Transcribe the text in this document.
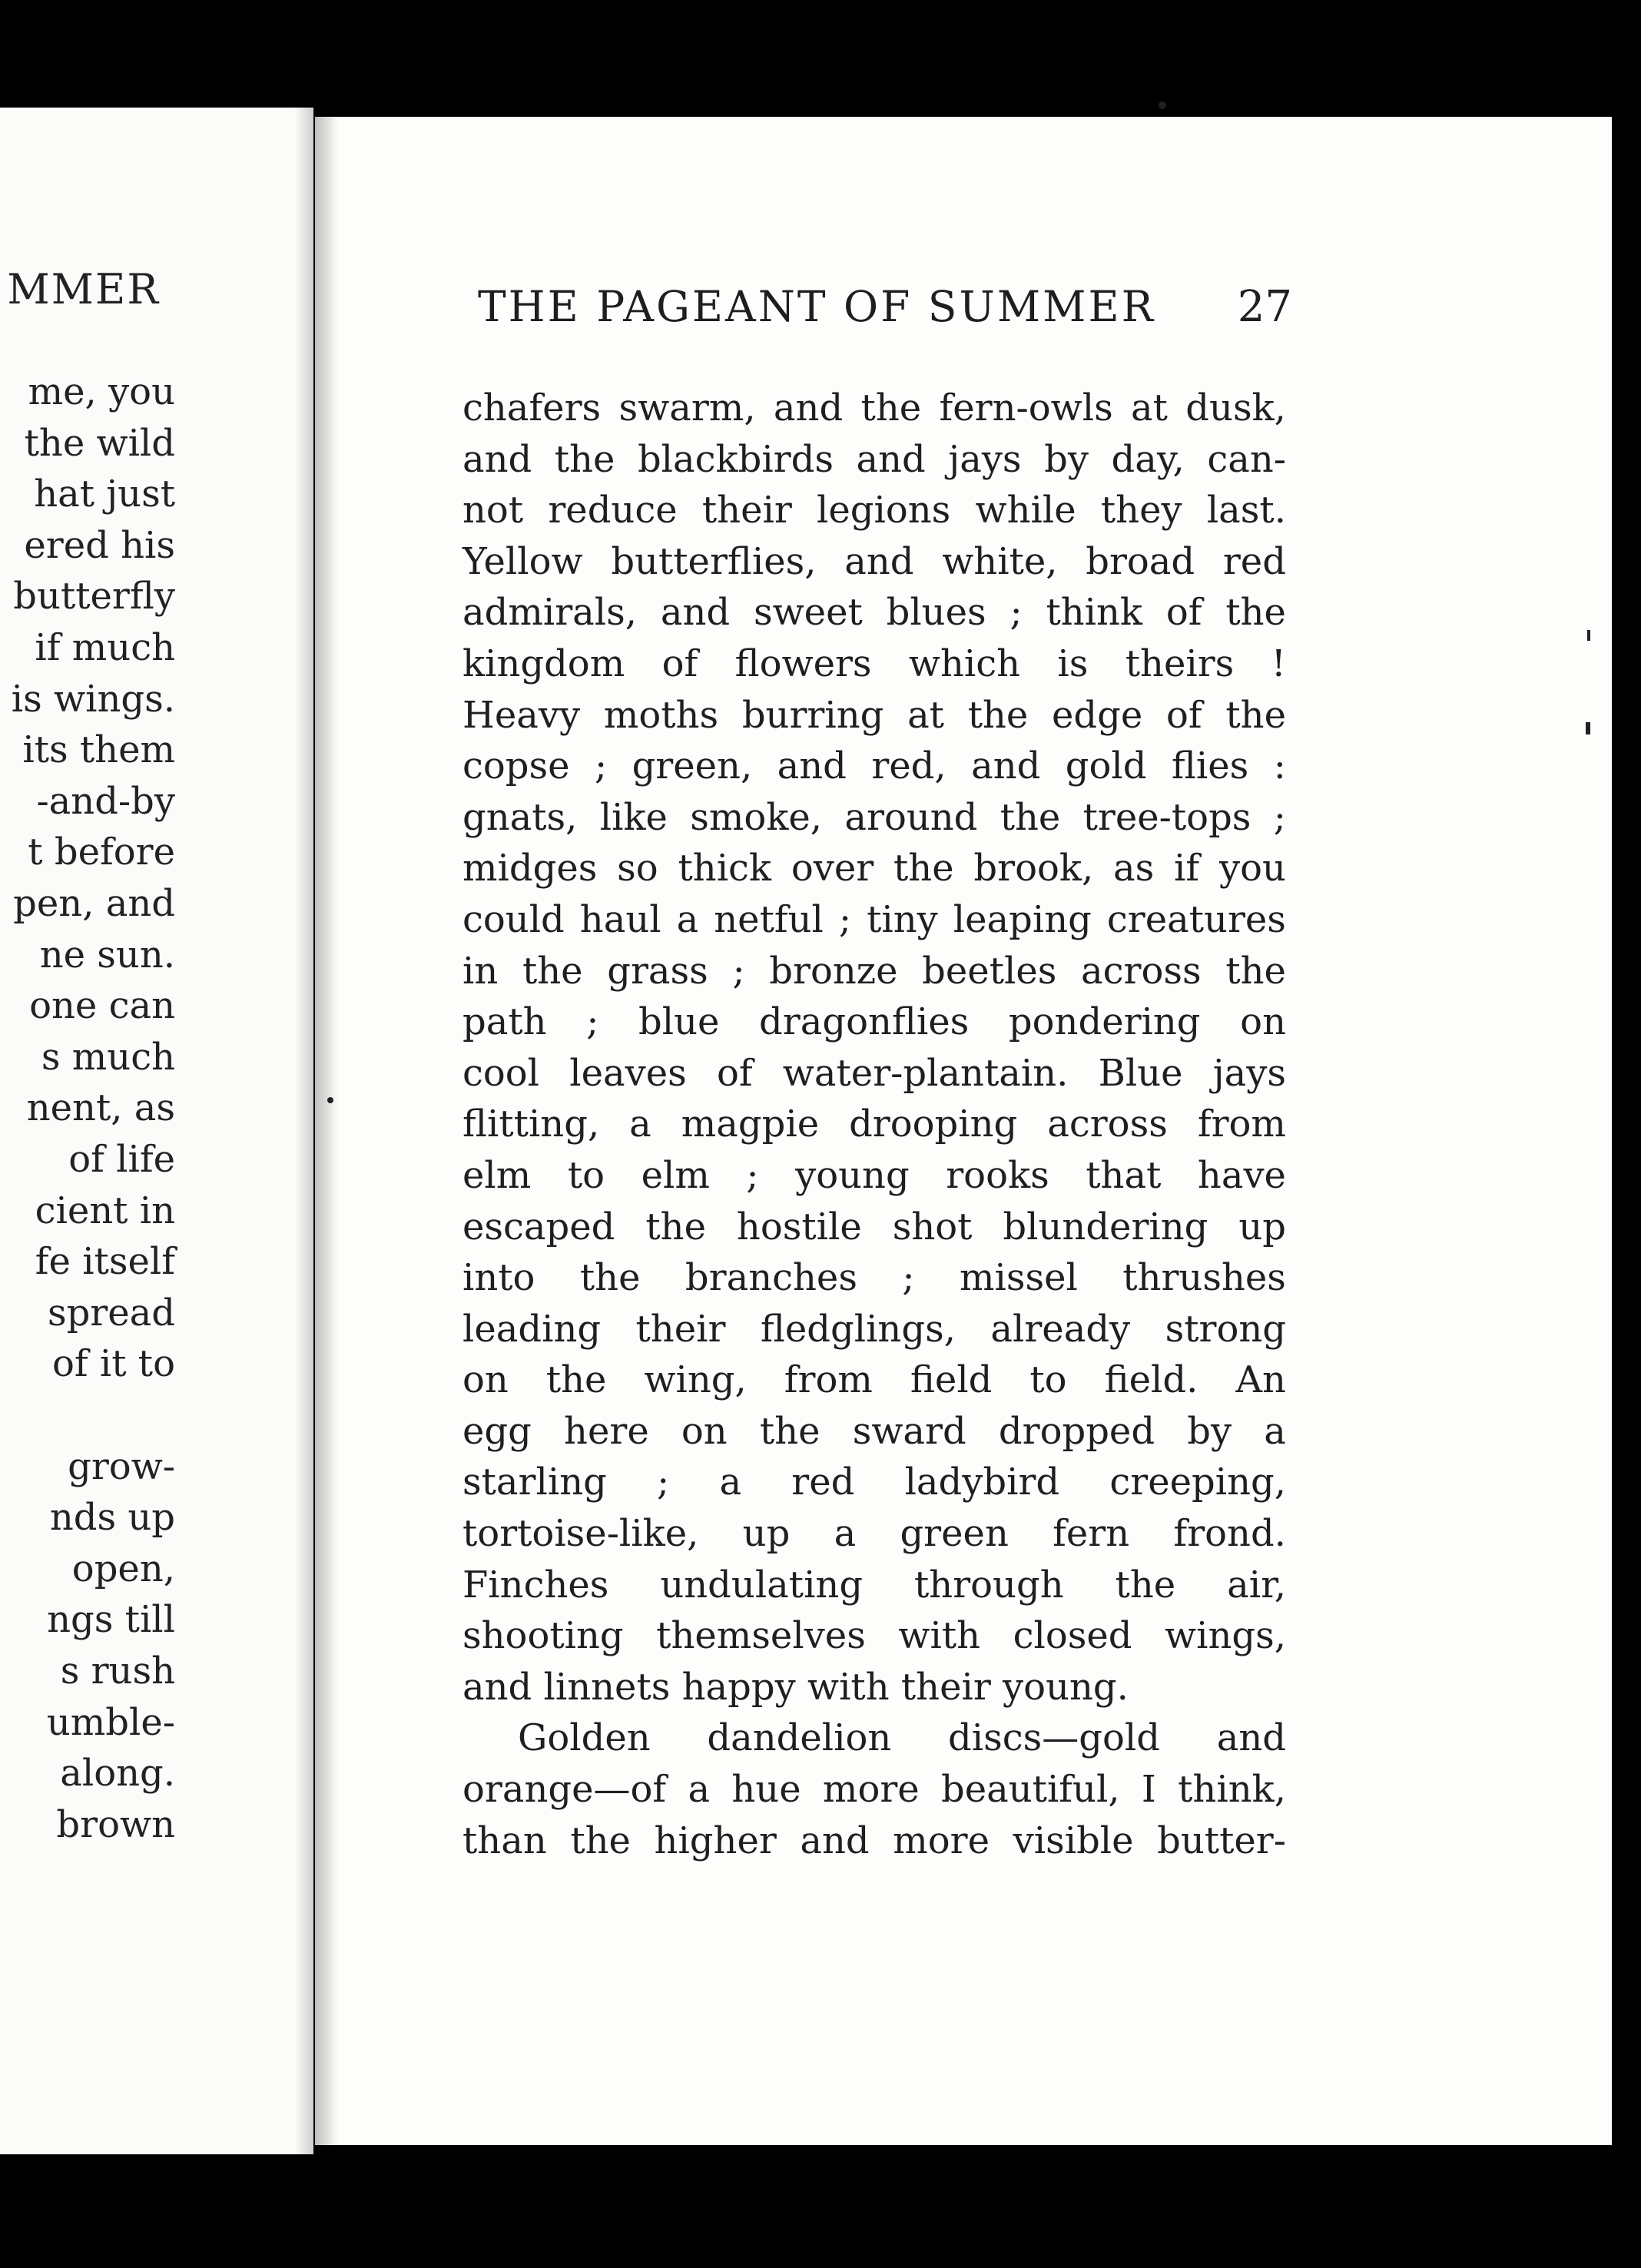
MMER
me, you
the wild
hat just
ered his
butterfly
if much
is wings.
its them
-and-by
t before
pen, and
ne sun.
one can
s much
nent, as
of life
cient in
fe itself
spread
of it to
grow-
nds up
open,
ngs till
s rush
umble-
along.
brown
THE PAGEANT OF SUMMER 27
chafers swarm, and the fern-owls at dusk,
and the blackbirds and jays by day, can-
not reduce their legions while they last.
Yellow butterflies, and white, broad red
admirals, and sweet blues ; think of the
kingdom of flowers which is theirs !
Heavy moths burring at the edge of the
copse ; green, and red, and gold flies :
gnats, like smoke, around the tree-tops ;
midges so thick over the brook, as if you
could haul a netful ; tiny leaping creatures
in the grass ; bronze beetles across the
path ; blue dragonflies pondering on
cool leaves of water-plantain. Blue jays
flitting, a magpie drooping across from
elm to elm ; young rooks that have
escaped the hostile shot blundering up
into the branches ; missel thrushes
leading their fledglings, already strong
on the wing, from field to field. An
egg here on the sward dropped by a
starling ; a red ladybird creeping,
tortoise-like, up a green fern frond.
Finches undulating through the air,
shooting themselves with closed wings,
and linnets happy with their young.
Golden dandelion discs—gold and
orange—of a hue more beautiful, I think,
than the higher and more visible butter-
